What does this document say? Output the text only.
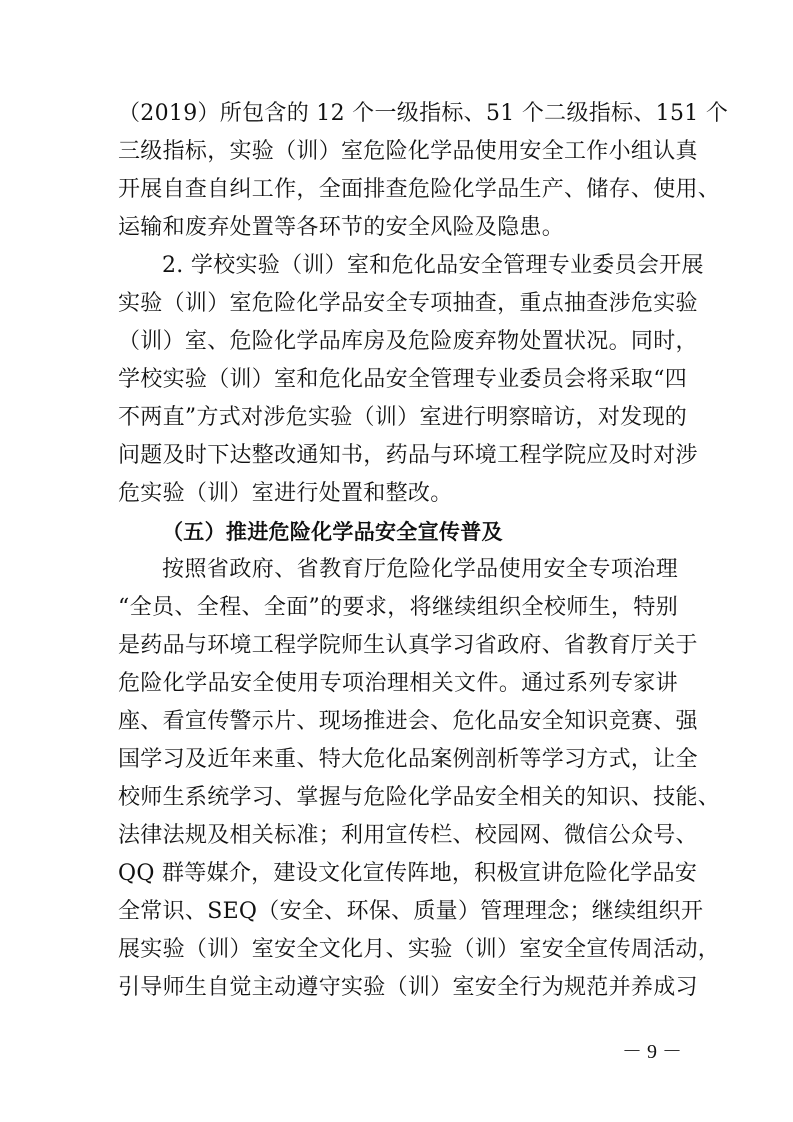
（2019）所包含的 12 个一级指标、51 个二级指标、151 个
三级指标，实验（训）室危险化学品使用安全工作小组认真
开展自查自纠工作，全面排查危险化学品生产、储存、使用、
运输和废弃处置等各环节的安全风险及隐患。
2. 学校实验（训）室和危化品安全管理专业委员会开展
实验（训）室危险化学品安全专项抽查，重点抽查涉危实验
（训）室、危险化学品库房及危险废弃物处置状况。同时，
学校实验（训）室和危化品安全管理专业委员会将采取“四
不两直”方式对涉危实验（训）室进行明察暗访，对发现的
问题及时下达整改通知书，药品与环境工程学院应及时对涉
危实验（训）室进行处置和整改。
（五）推进危险化学品安全宣传普及
按照省政府、省教育厅危险化学品使用安全专项治理
“全员、全程、全面”的要求，将继续组织全校师生，特别
是药品与环境工程学院师生认真学习省政府、省教育厅关于
危险化学品安全使用专项治理相关文件。通过系列专家讲
座、看宣传警示片、现场推进会、危化品安全知识竞赛、强
国学习及近年来重、特大危化品案例剖析等学习方式，让全
校师生系统学习、掌握与危险化学品安全相关的知识、技能、
法律法规及相关标准；利用宣传栏、校园网、微信公众号、
QQ 群等媒介，建设文化宣传阵地，积极宣讲危险化学品安
全常识、SEQ（安全、环保、质量）管理理念；继续组织开
展实验（训）室安全文化月、实验（训）室安全宣传周活动，
引导师生自觉主动遵守实验（训）室安全行为规范并养成习
－ 9 －
